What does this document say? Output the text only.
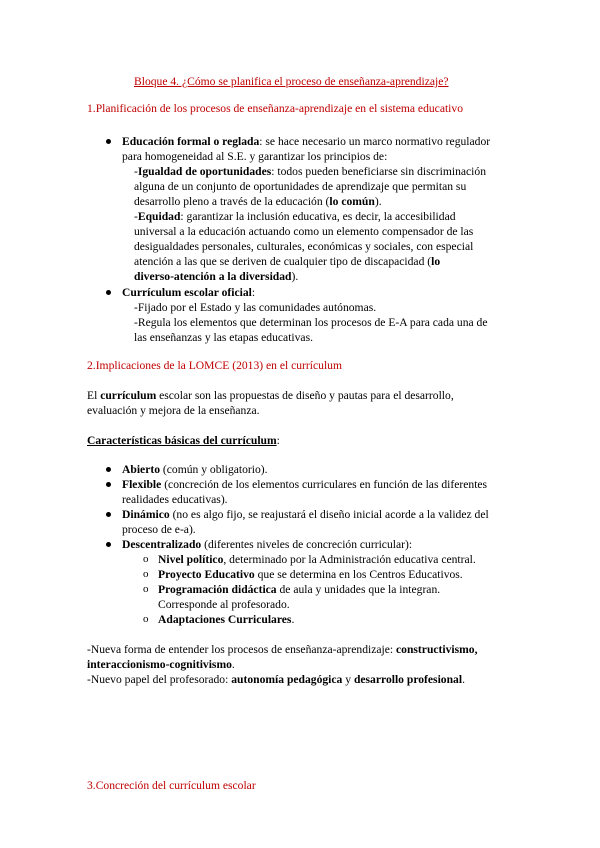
Bloque 4. ¿Cómo se planifica el proceso de enseñanza-aprendizaje?
1.Planificación de los procesos de enseñanza-aprendizaje en el sistema educativo
Educación formal o reglada: se hace necesario un marco normativo regulador
para homogeneidad al S.E. y garantizar los principios de:
-Igualdad de oportunidades: todos pueden beneficiarse sin discriminación
alguna de un conjunto de oportunidades de aprendizaje que permitan su
desarrollo pleno a través de la educación (lo común).
-Equidad: garantizar la inclusión educativa, es decir, la accesibilidad
universal a la educación actuando como un elemento compensador de las
desigualdades personales, culturales, económicas y sociales, con especial
atención a las que se deriven de cualquier tipo de discapacidad (lo
diverso-atención a la diversidad).
Currículum escolar oficial:
-Fijado por el Estado y las comunidades autónomas.
-Regula los elementos que determinan los procesos de E-A para cada una de
las enseñanzas y las etapas educativas.
2.Implicaciones de la LOMCE (2013) en el currículum
El currículum escolar son las propuestas de diseño y pautas para el desarrollo,
evaluación y mejora de la enseñanza.
Características básicas del currículum:
Abierto (común y obligatorio).
Flexible (concreción de los elementos curriculares en función de las diferentes
realidades educativas).
Dinámico (no es algo fijo, se reajustará el diseño inicial acorde a la validez del
proceso de e-a).
Descentralizado (diferentes niveles de concreción curricular):
o Nivel político, determinado por la Administración educativa central.
o Proyecto Educativo que se determina en los Centros Educativos.
o Programación didáctica de aula y unidades que la integran.
Corresponde al profesorado.
o Adaptaciones Curriculares.
-Nueva forma de entender los procesos de enseñanza-aprendizaje: constructivismo,
interaccionismo-cognitivismo.
-Nuevo papel del profesorado: autonomía pedagógica y desarrollo profesional.
3.Concreción del currículum escolar
